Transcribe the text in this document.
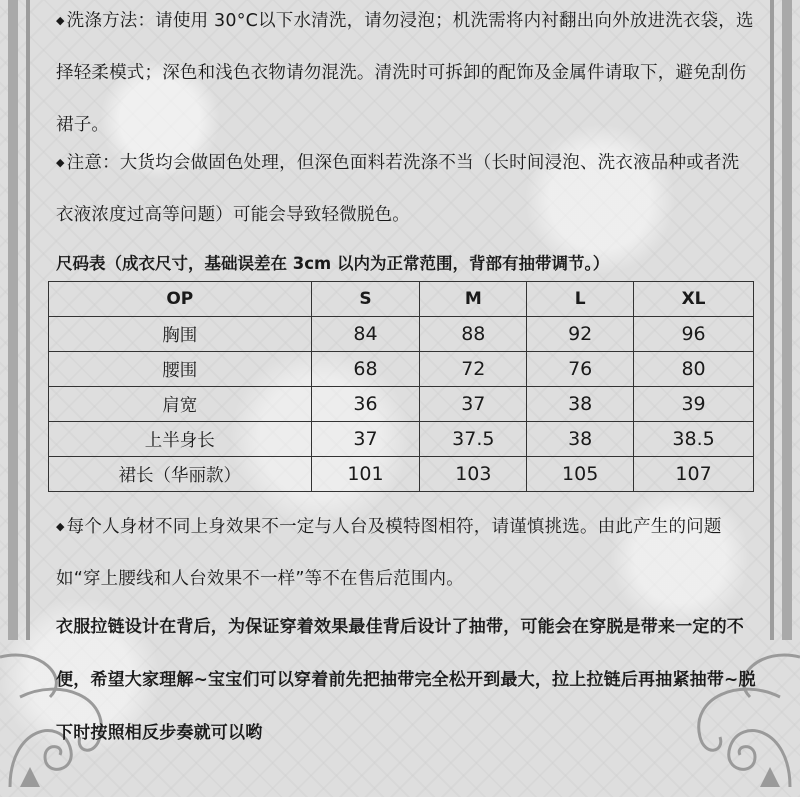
◆ 洗涤方法：请使用 30°C以下水清洗，请勿浸泡；机洗需将内衬翻出向外放进洗衣袋，选择轻柔模式；深色和浅色衣物请勿混洗。清洗时可拆卸的配饰及金属件请取下，避免刮伤裙子。

◆ 注意：大货均会做固色处理，但深色面料若洗涤不当（长时间浸泡、洗衣液品种或者洗衣液浓度过高等问题）可能会导致轻微脱色。

尺码表（成衣尺寸，基础误差在 3cm 以内为正常范围，背部有抽带调节。）

OP	S	M	L	XL
胸围	84	88	92	96
腰围	68	72	76	80
肩宽	36	37	38	39
上半身长	37	37.5	38	38.5
裙长（华丽款）	101	103	105	107

◆ 每个人身材不同上身效果不一定与人台及模特图相符，请谨慎挑选。由此产生的问题如“穿上腰线和人台效果不一样”等不在售后范围内。

衣服拉链设计在背后，为保证穿着效果最佳背后设计了抽带，可能会在穿脱是带来一定的不便，希望大家理解~宝宝们可以穿着前先把抽带完全松开到最大，拉上拉链后再抽紧抽带~脱下时按照相反步奏就可以哟
